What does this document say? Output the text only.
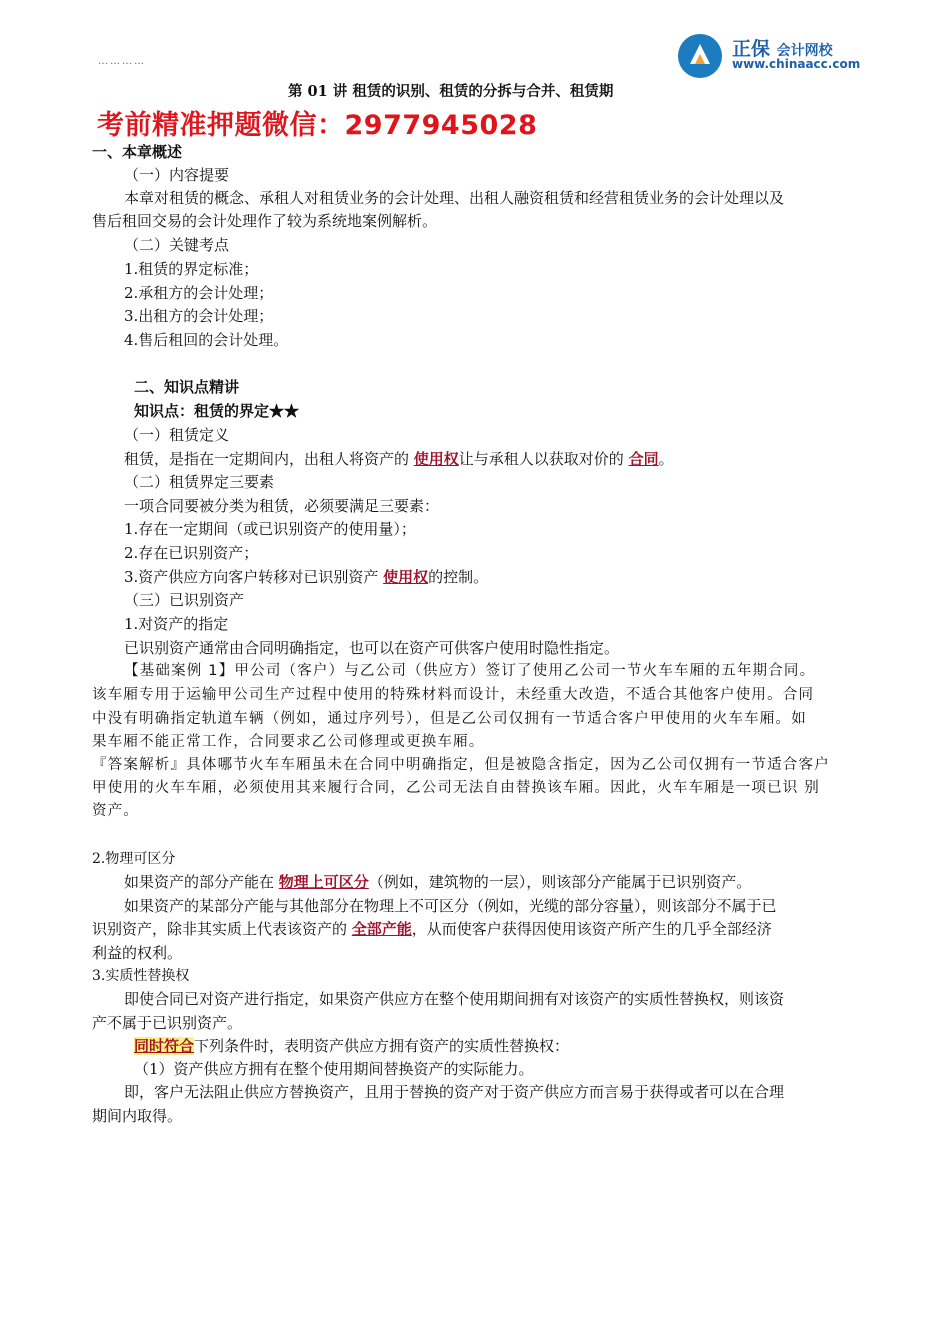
…………
正保 会计网校
www.chinaacc.com
第 01 讲 租赁的识别、租赁的分拆与合并、租赁期
考前精准押题微信：2977945028
一、本章概述
（一）内容提要
本章对租赁的概念、承租人对租赁业务的会计处理、出租人融资租赁和经营租赁业务的会计处理以及
售后租回交易的会计处理作了较为系统地案例解析。
（二）关键考点
1.租赁的界定标准；
2.承租方的会计处理；
3.出租方的会计处理；
4.售后租回的会计处理。
二、知识点精讲
知识点：租赁的界定★★
（一）租赁定义
租赁，是指在一定期间内，出租人将资产的 使用权让与承租人以获取对价的 合同。
（二）租赁界定三要素
一项合同要被分类为租赁，必须要满足三要素：
1.存在一定期间（或已识别资产的使用量）；
2.存在已识别资产；
3.资产供应方向客户转移对已识别资产 使用权的控制。
（三）已识别资产
1.对资产的指定
已识别资产通常由合同明确指定，也可以在资产可供客户使用时隐性指定。
【基础案例 1】甲公司（客户）与乙公司（供应方）签订了使用乙公司一节火车车厢的五年期合同。
该车厢专用于运输甲公司生产过程中使用的特殊材料而设计，未经重大改造，不适合其他客户使用。合同
中没有明确指定轨道车辆（例如，通过序列号），但是乙公司仅拥有一节适合客户甲使用的火车车厢。如
果车厢不能正常工作，合同要求乙公司修理或更换车厢。
『答案解析』具体哪节火车车厢虽未在合同中明确指定，但是被隐含指定，因为乙公司仅拥有一节适合客户
甲使用的火车车厢，必须使用其来履行合同，乙公司无法自由替换该车厢。因此，火车车厢是一项已识 别
资产。
2.物理可区分
如果资产的部分产能在 物理上可区分（例如，建筑物的一层），则该部分产能属于已识别资产。
如果资产的某部分产能与其他部分在物理上不可区分（例如，光缆的部分容量），则该部分不属于已
识别资产，除非其实质上代表该资产的 全部产能，从而使客户获得因使用该资产所产生的几乎全部经济
利益的权利。
3.实质性替换权
即使合同已对资产进行指定，如果资产供应方在整个使用期间拥有对该资产的实质性替换权，则该资
产不属于已识别资产。
同时符合下列条件时，表明资产供应方拥有资产的实质性替换权：
（1）资产供应方拥有在整个使用期间替换资产的实际能力。
即，客户无法阻止供应方替换资产，且用于替换的资产对于资产供应方而言易于获得或者可以在合理
期间内取得。
